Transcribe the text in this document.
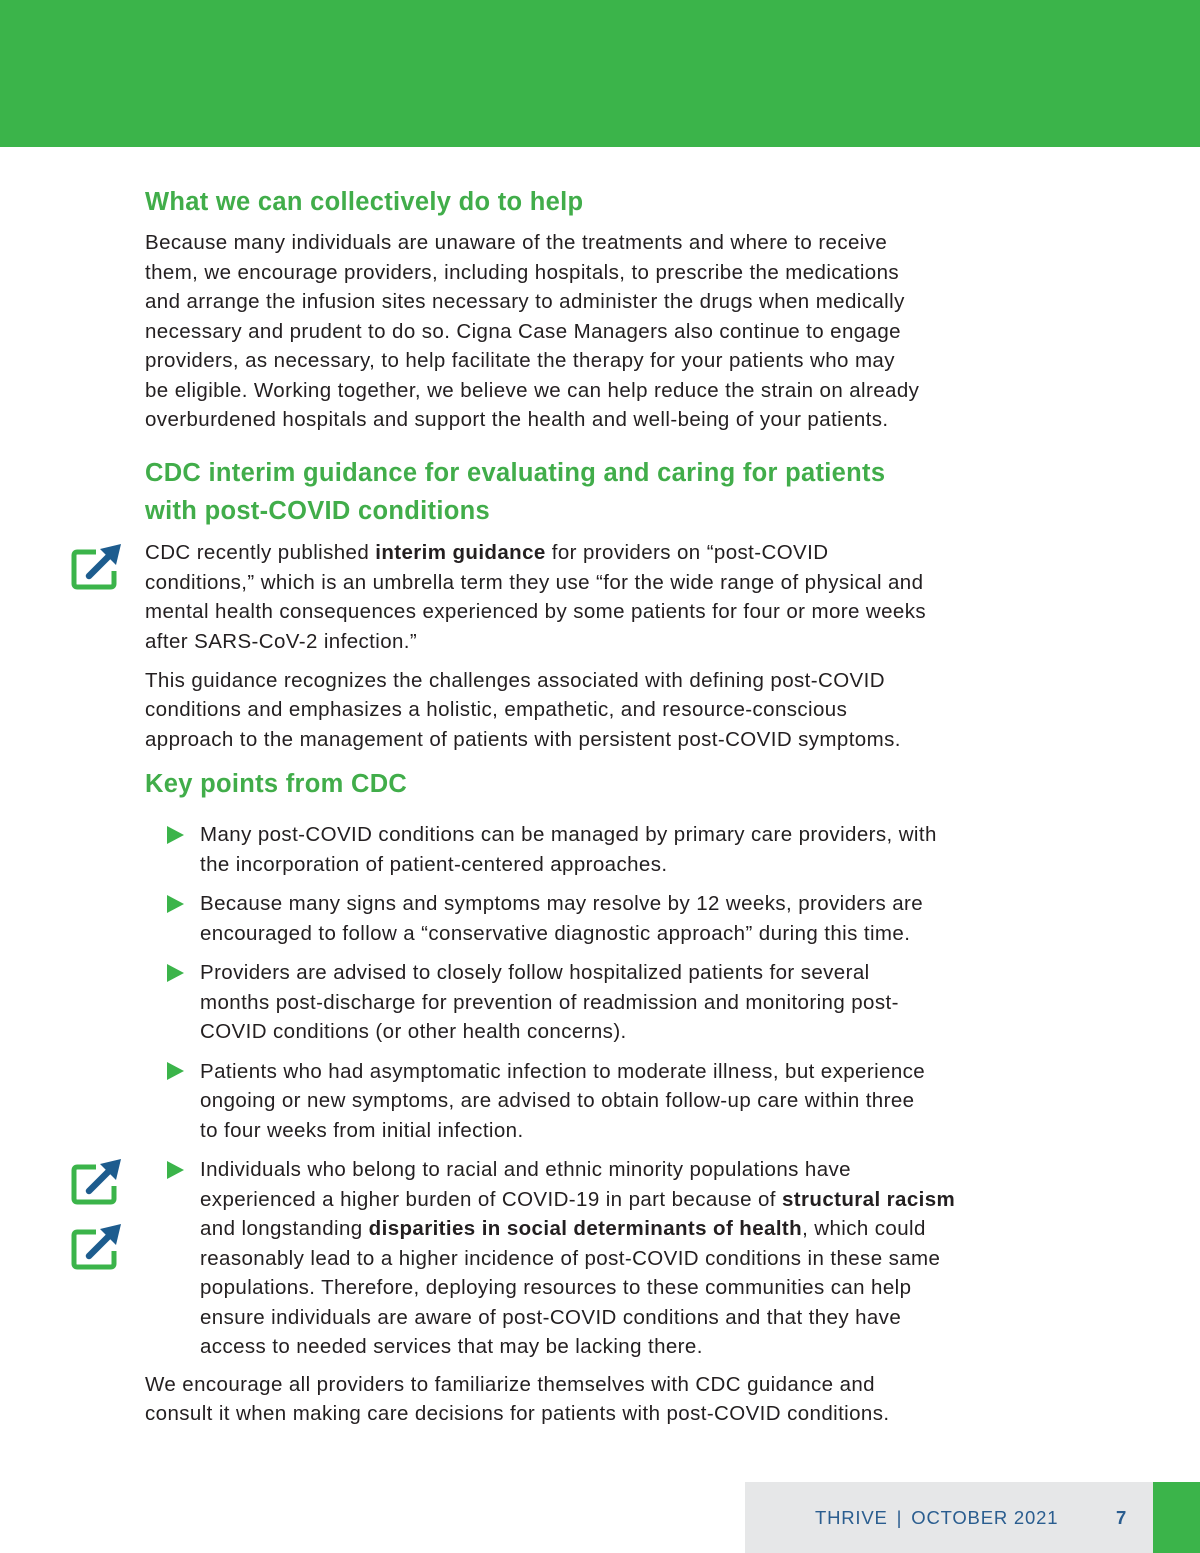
What we can collectively do to help
Because many individuals are unaware of the treatments and where to receive
them, we encourage providers, including hospitals, to prescribe the medications
and arrange the infusion sites necessary to administer the drugs when medically
necessary and prudent to do so. Cigna Case Managers also continue to engage
providers, as necessary, to help facilitate the therapy for your patients who may
be eligible. Working together, we believe we can help reduce the strain on already
overburdened hospitals and support the health and well-being of your patients.
CDC interim guidance for evaluating and caring for patients
with post-COVID conditions
CDC recently published interim guidance for providers on “post-COVID
conditions,” which is an umbrella term they use “for the wide range of physical and
mental health consequences experienced by some patients for four or more weeks
after SARS-CoV-2 infection.”
This guidance recognizes the challenges associated with defining post-COVID
conditions and emphasizes a holistic, empathetic, and resource-conscious
approach to the management of patients with persistent post-COVID symptoms.
Key points from CDC
Many post-COVID conditions can be managed by primary care providers, with
the incorporation of patient-centered approaches.
Because many signs and symptoms may resolve by 12 weeks, providers are
encouraged to follow a “conservative diagnostic approach” during this time.
Providers are advised to closely follow hospitalized patients for several
months post-discharge for prevention of readmission and monitoring post-
COVID conditions (or other health concerns).
Patients who had asymptomatic infection to moderate illness, but experience
ongoing or new symptoms, are advised to obtain follow-up care within three
to four weeks from initial infection.
Individuals who belong to racial and ethnic minority populations have
experienced a higher burden of COVID-19 in part because of structural racism
and longstanding disparities in social determinants of health, which could
reasonably lead to a higher incidence of post-COVID conditions in these same
populations. Therefore, deploying resources to these communities can help
ensure individuals are aware of post-COVID conditions and that they have
access to needed services that may be lacking there.
We encourage all providers to familiarize themselves with CDC guidance and
consult it when making care decisions for patients with post-COVID conditions.
THRIVE | OCTOBER 2021	7
